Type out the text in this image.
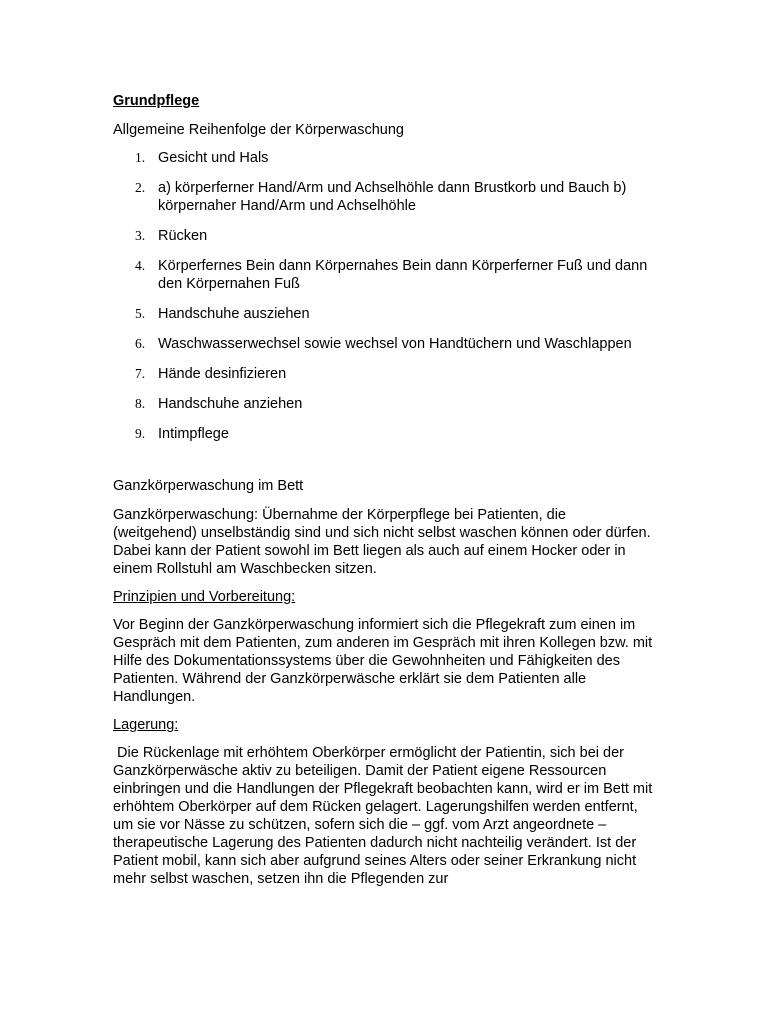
Grundpflege
Allgemeine Reihenfolge der Körperwaschung
1. Gesicht und Hals
2. a) körperferner Hand/Arm und Achselhöhle dann Brustkorb und Bauch b) körpernaher Hand/Arm und Achselhöhle
3. Rücken
4. Körperfernes Bein dann Körpernahes Bein dann Körperferner Fuß und dann den Körpernahen Fuß
5. Handschuhe ausziehen
6. Waschwasserwechsel sowie wechsel von Handtüchern und Waschlappen
7. Hände desinfizieren
8. Handschuhe anziehen
9. Intimpflege
Ganzkörperwaschung im Bett
Ganzkörperwaschung: Übernahme der Körperpflege bei Patienten, die (weitgehend) unselbständig sind und sich nicht selbst waschen können oder dürfen. Dabei kann der Patient sowohl im Bett liegen als auch auf einem Hocker oder in einem Rollstuhl am Waschbecken sitzen.
Prinzipien und Vorbereitung:
Vor Beginn der Ganzkörperwaschung informiert sich die Pflegekraft zum einen im Gespräch mit dem Patienten, zum anderen im Gespräch mit ihren Kollegen bzw. mit Hilfe des Dokumentationssystems über die Gewohnheiten und Fähigkeiten des Patienten. Während der Ganzkörperwäsche erklärt sie dem Patienten alle Handlungen.
Lagerung:
Die Rückenlage mit erhöhtem Oberkörper ermöglicht der Patientin, sich bei der Ganzkörperwäsche aktiv zu beteiligen. Damit der Patient eigene Ressourcen einbringen und die Handlungen der Pflegekraft beobachten kann, wird er im Bett mit erhöhtem Oberkörper auf dem Rücken gelagert. Lagerungshilfen werden entfernt, um sie vor Nässe zu schützen, sofern sich die – ggf. vom Arzt angeordnete – therapeutische Lagerung des Patienten dadurch nicht nachteilig verändert. Ist der Patient mobil, kann sich aber aufgrund seines Alters oder seiner Erkrankung nicht mehr selbst waschen, setzen ihn die Pflegenden zur
